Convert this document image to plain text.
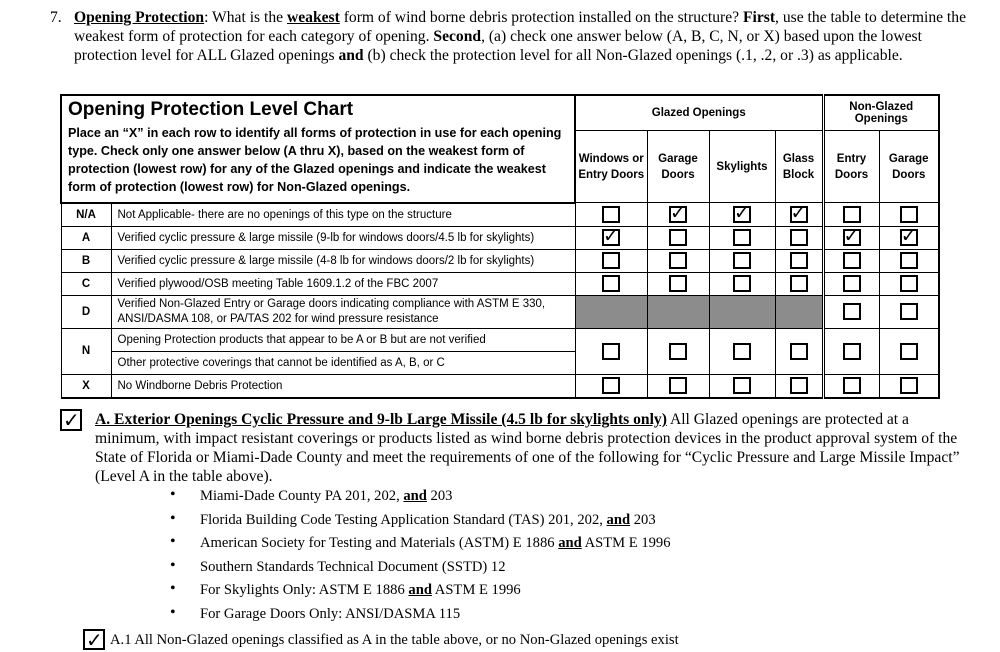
7. Opening Protection: What is the weakest form of wind borne debris protection installed on the structure? First, use the table to determine the weakest form of protection for each category of opening. Second, (a) check one answer below (A, B, C, N, or X) based upon the lowest protection level for ALL Glazed openings and (b) check the protection level for all Non-Glazed openings (.1, .2, or .3) as applicable.
Opening Protection Level Chart
Place an “X” in each row to identify all forms of protection in use for each opening type. Check only one answer below (A thru X), based on the weakest form of protection (lowest row) for any of the Glazed openings and indicate the weakest form of protection (lowest row) for Non-Glazed openings.		Glazed Openings				Non-Glazed Openings	
		Windows or Entry Doors	Garage Doors	Skylights	Glass Block	Entry Doors	Garage Doors
N/A	Not Applicable- there are no openings of this type on the structure		✓	✓	✓		

A	Verified cyclic pressure & large missile (9-lb for windows doors/4.5 lb for skylights)	✓				✓	✓

B	Verified cyclic pressure & large missile (4-8 lb for windows doors/2 lb for skylights)	

C	Verified plywood/OSB meeting Table 1609.1.2 of the FBC 2007	

D	Verified Non-Glazed Entry or Garage doors indicating compliance with ASTM E 330, ANSI/DASMA 108, or PA/TAS 202 for wind pressure resistance					

N	Opening Protection products that appear to be A or B but are not verified	

	Other protective coverings that cannot be identified as A, B, or C						
X	No Windborne Debris Protection	

✓ A. Exterior Openings Cyclic Pressure and 9-lb Large Missile (4.5 lb for skylights only) All Glazed openings are protected at a minimum, with impact resistant coverings or products listed as wind borne debris protection devices in the product approval system of the State of Florida or Miami-Dade County and meet the requirements of one of the following for “Cyclic Pressure and Large Missile Impact” (Level A in the table above).
• Miami-Dade County PA 201, 202, and 203
• Florida Building Code Testing Application Standard (TAS) 201, 202, and 203
• American Society for Testing and Materials (ASTM) E 1886 and ASTM E 1996
• Southern Standards Technical Document (SSTD) 12
• For Skylights Only: ASTM E 1886 and ASTM E 1996
• For Garage Doors Only: ANSI/DASMA 115
✓ A.1 All Non-Glazed openings classified as A in the table above, or no Non-Glazed openings exist
